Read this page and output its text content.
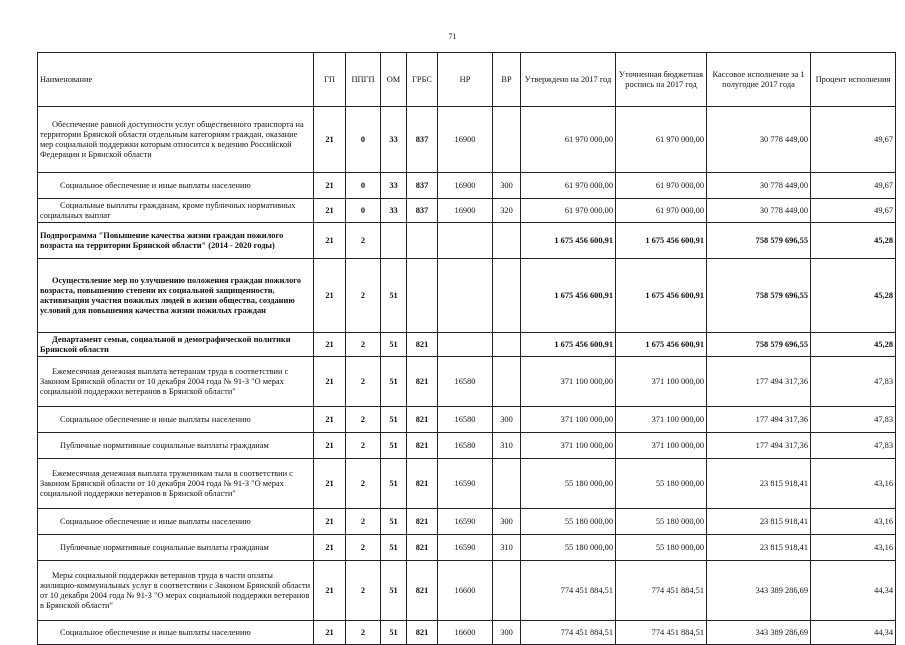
71
Наименование	ГП	ППГП	ОМ	ГРБС	НР	ВР	Утверждено на 2017 год	Уточненная бюджетная роспись на 2017 год	Кассовое исполнение за 1 полугодие 2017 года	Процент исполнения
Обеспечение равной доступности услуг общественного транспорта на территории Брянской области отдельным категориям граждан, оказание мер социальной поддержки которым относится к ведению Российской Федерации и Брянской области	21	0	33	837	16900		61 970 000,00	61 970 000,00	30 778 449,00	49,67
Социальное обеспечение и иные выплаты населению	21	0	33	837	16900	300	61 970 000,00	61 970 000,00	30 778 449,00	49,67
Социальные выплаты гражданам, кроме публичных нормативных социальных выплат	21	0	33	837	16900	320	61 970 000,00	61 970 000,00	30 778 449,00	49,67
Подпрограмма "Повышение качества жизни граждан пожилого возраста на территории Брянской области" (2014 - 2020 годы)	21	2					1 675 456 600,91	1 675 456 600,91	758 579 696,55	45,28
Осуществление мер по улучшению положения граждан пожилого возраста, повышению степени их социальной защищенности, активизации участия пожилых людей в жизни общества, созданию условий для повышения качества жизни пожилых граждан	21	2	51				1 675 456 600,91	1 675 456 600,91	758 579 696,55	45,28
Департамент семьи, социальной и демографической политики Брянской области	21	2	51	821			1 675 456 600,91	1 675 456 600,91	758 579 696,55	45,28
Ежемесячная денежная выплата ветеранам труда в соответствии с Законом Брянской области от 10 декабря 2004 года № 91-З "О мерах социальной поддержки ветеранов в Брянской области"	21	2	51	821	16580		371 100 000,00	371 100 000,00	177 494 317,36	47,83
Социальное обеспечение и иные выплаты населению	21	2	51	821	16580	300	371 100 000,00	371 100 000,00	177 494 317,36	47,83
Публичные нормативные социальные выплаты гражданам	21	2	51	821	16580	310	371 100 000,00	371 100 000,00	177 494 317,36	47,83
Ежемесячная денежная выплата труженикам тыла в соответствии с Законом Брянской области от 10 декабря 2004 года № 91-З "О мерах социальной поддержки ветеранов в Брянской области"	21	2	51	821	16590		55 180 000,00	55 180 000,00	23 815 918,41	43,16
Социальное обеспечение и иные выплаты населению	21	2	51	821	16590	300	55 180 000,00	55 180 000,00	23 815 918,41	43,16
Публичные нормативные социальные выплаты гражданам	21	2	51	821	16590	310	55 180 000,00	55 180 000,00	23 815 918,41	43,16
Меры социальной поддержки ветеранов труда в части оплаты жилищно-коммунальных услуг в соответствии с Законом Брянской области от 10 декабря 2004 года № 91-З "О мерах социальной поддержки ветеранов в Брянской области"	21	2	51	821	16600		774 451 884,51	774 451 884,51	343 389 286,69	44,34
Социальное обеспечение и иные выплаты населению	21	2	51	821	16600	300	774 451 884,51	774 451 884,51	343 389 286,69	44,34
